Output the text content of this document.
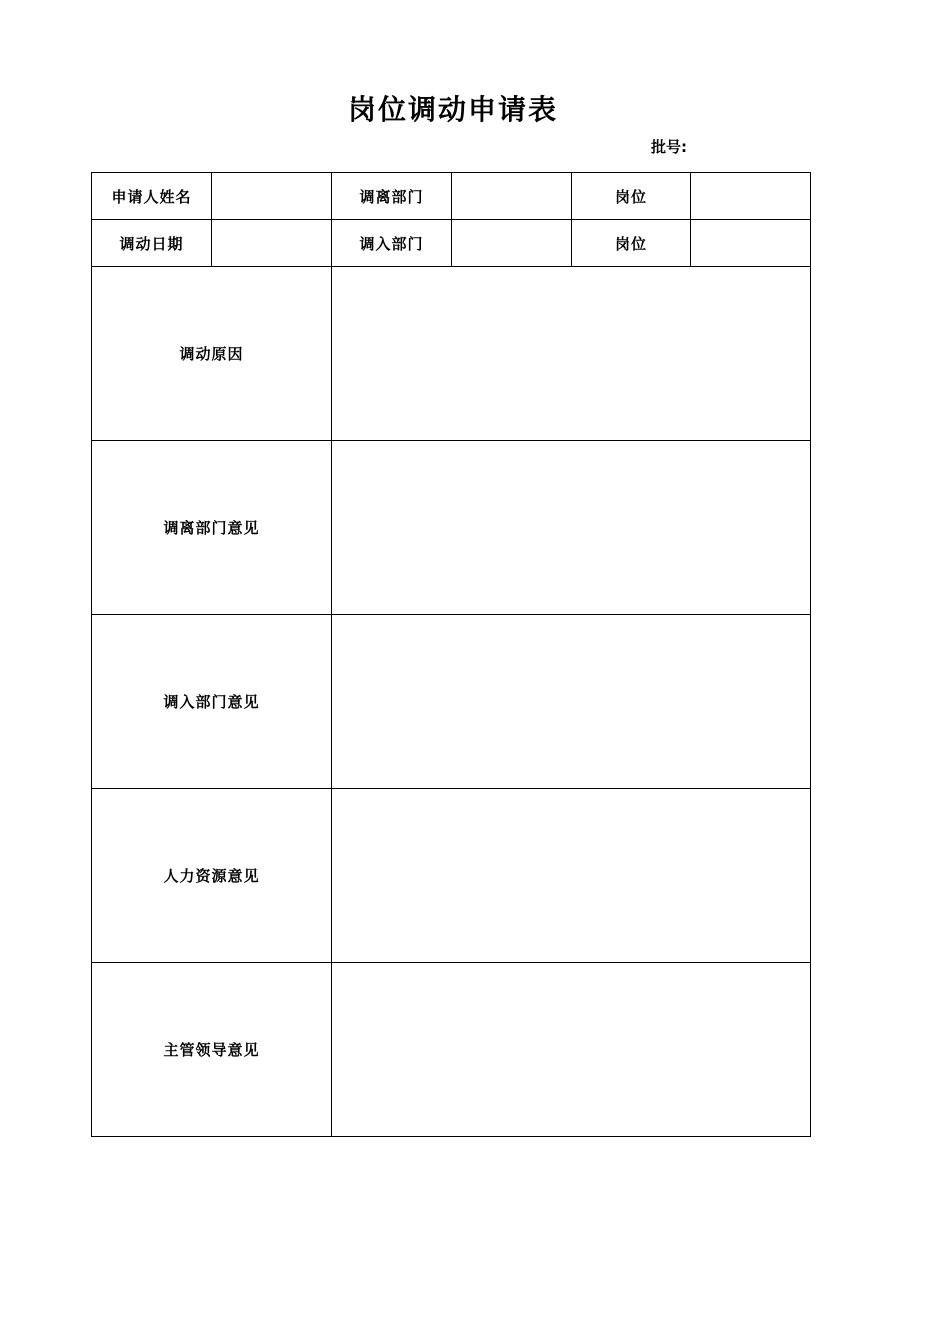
岗位调动申请表
批号:
申请人姓名		调离部门		岗位	
调动日期		调入部门		岗位	
调动原因					
调离部门意见					
调入部门意见					
人力资源意见					
主管领导意见					
